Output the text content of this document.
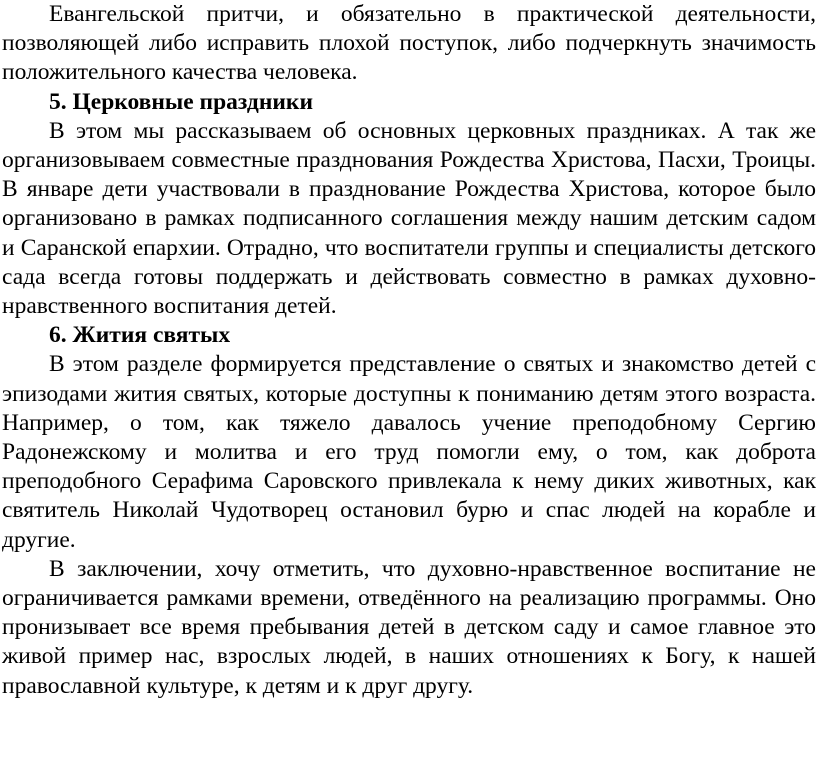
Евангельской притчи, и обязательно в практической деятельности, позволяющей либо исправить плохой поступок, либо подчеркнуть значимость положительного качества человека.

5. Церковные праздники

В этом мы рассказываем об основных церковных праздниках. А так же организовываем совместные празднования Рождества Христова, Пасхи, Троицы. В январе дети участвовали в празднование Рождества Христова, которое было организовано в рамках подписанного соглашения между нашим детским садом и Саранской епархии. Отрадно, что воспитатели группы и специалисты детского сада всегда готовы поддержать и действовать совместно в рамках духовно-нравственного воспитания детей.

6. Жития святых

В этом разделе формируется представление о святых и знакомство детей с эпизодами жития святых, которые доступны к пониманию детям этого возраста. Например, о том, как тяжело давалось учение преподобному Сергию Радонежскому и молитва и его труд помогли ему, о том, как доброта преподобного Серафима Саровского привлекала к нему диких животных, как святитель Николай Чудотворец остановил бурю и спас людей на корабле и другие.

В заключении, хочу отметить, что духовно-нравственное воспитание не ограничивается рамками времени, отведённого на реализацию программы. Оно пронизывает все время пребывания детей в детском саду и самое главное это живой пример нас, взрослых людей, в наших отношениях к Богу, к нашей православной культуре, к детям и к друг другу.
